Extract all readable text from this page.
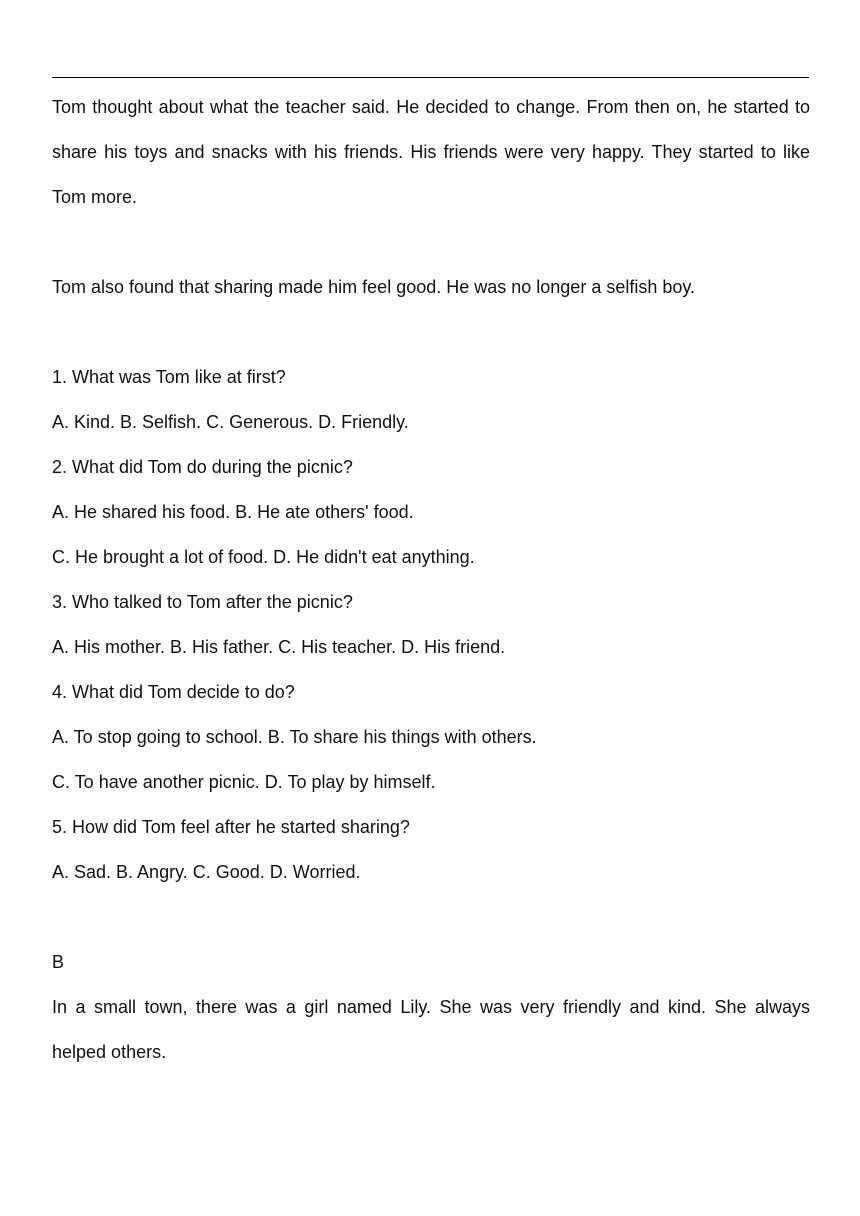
Tom thought about what the teacher said. He decided to change. From then on, he started to share his toys and snacks with his friends. His friends were very happy. They started to like Tom more.

Tom also found that sharing made him feel good. He was no longer a selfish boy.

1. What was Tom like at first?

A. Kind. B. Selfish. C. Generous. D. Friendly.

2. What did Tom do during the picnic?

A. He shared his food. B. He ate others' food.

C. He brought a lot of food. D. He didn't eat anything.

3. Who talked to Tom after the picnic?

A. His mother. B. His father. C. His teacher. D. His friend.

4. What did Tom decide to do?

A. To stop going to school. B. To share his things with others.

C. To have another picnic. D. To play by himself.

5. How did Tom feel after he started sharing?

A. Sad. B. Angry. C. Good. D. Worried.

B

In a small town, there was a girl named Lily. She was very friendly and kind. She always helped others.
